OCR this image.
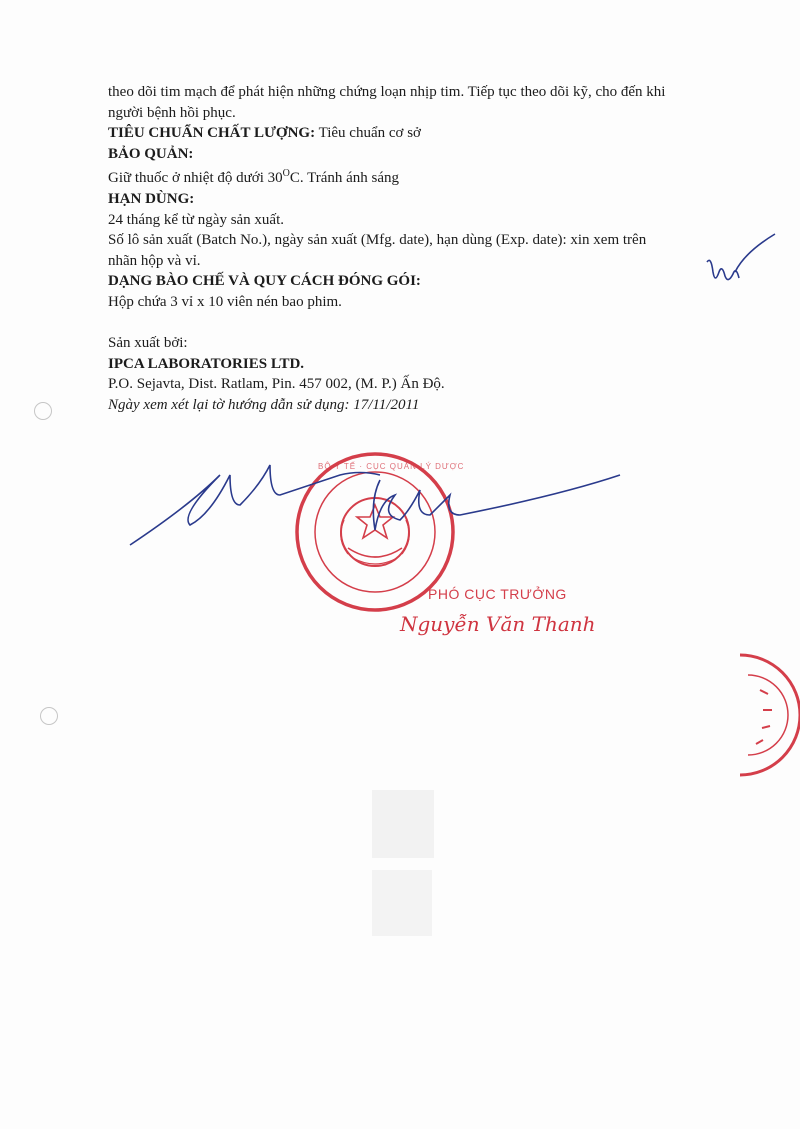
theo dõi tim mạch để phát hiện những chứng loạn nhịp tim. Tiếp tục theo dõi kỹ, cho đến khi

người bệnh hồi phục.

TIÊU CHUẨN CHẤT LƯỢNG: Tiêu chuẩn cơ sở

BẢO QUẢN:

Giữ thuốc ở nhiệt độ dưới $30^OC$. Tránh ánh sáng

HẠN DÙNG:

24 tháng kể từ ngày sản xuất.

Số lô sản xuất (Batch No.), ngày sản xuất (Mfg. date), hạn dùng (Exp. date): xin xem trên

nhãn hộp và vỉ.

DẠNG BÀO CHẾ VÀ QUY CÁCH ĐÓNG GÓI:

Hộp chứa 3 vỉ x 10 viên nén bao phim.

Sản xuất bởi:

IPCA LABORATORIES LTD.

P.O. Sejavta, Dist. Ratlam, Pin. 457 002, (M. P.) Ấn Độ.

Ngày xem xét lại tờ hướng dẫn sử dụng: 17/11/2011

PHÓ CỤC TRƯỞNG
Nguyễn Văn Thanh
BỘ Y TẾ · CỤC QUẢN LÝ DƯỢC
